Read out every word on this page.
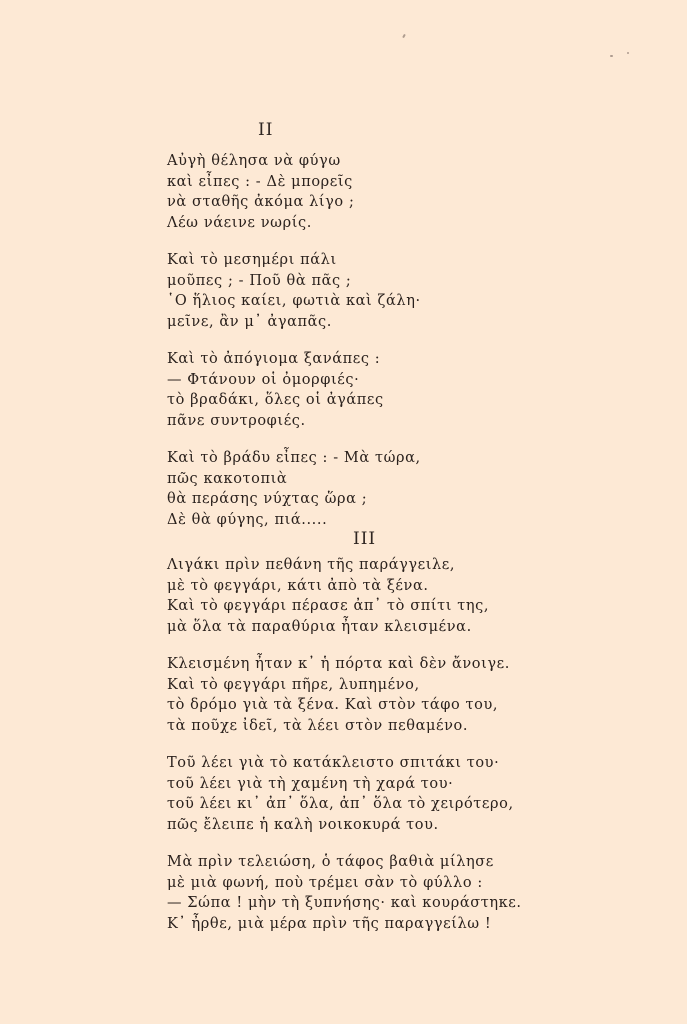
II
Αὐγὴ θέλησα νὰ φύγω
καὶ εἶπες : - Δὲ μπορεῖς
νὰ σταθῆς ἀκόμα λίγο ;
Λέω νάεινε νωρίς.
Καὶ τὸ μεσημέρι πάλι
μοῦπες ; - Ποῦ θὰ πᾶς ;
῾Ο ἥλιος καίει, φωτιὰ καὶ ζάλη·
μεῖνε, ἂν μ᾿ ἀγαπᾶς.
Καὶ τὸ ἀπόγιομα ξανάπες :
— Φτάνουν οἱ ὀμορφιές·
τὸ βραδάκι, ὅλες οἱ ἀγάπες
πᾶνε συντροφιές.
Καὶ τὸ βράδυ εἶπες : - Μὰ τώρα,
πῶς κακοτοπιὰ
θὰ περάσης νύχτας ὥρα ;
Δὲ θὰ φύγης, πιά.....
III
Λιγάκι πρὶν πεθάνη τῆς παράγγειλε,
μὲ τὸ φεγγάρι, κάτι ἀπὸ τὰ ξένα.
Καὶ τὸ φεγγάρι πέρασε ἀπ᾿ τὸ σπίτι της,
μὰ ὅλα τὰ παραθύρια ἦταν κλεισμένα.
Κλεισμένη ἦταν κ᾿ ἡ πόρτα καὶ δὲν ἄνοιγε.
Καὶ τὸ φεγγάρι πῆρε, λυπημένο,
τὸ δρόμο γιὰ τὰ ξένα. Καὶ στὸν τάφο του,
τὰ ποῦχε ἰδεῖ, τὰ λέει στὸν πεθαμένο.
Τοῦ λέει γιὰ τὸ κατάκλειστο σπιτάκι του·
τοῦ λέει γιὰ τὴ χαμένη τὴ χαρά του·
τοῦ λέει κι᾿ ἀπ᾿ ὅλα, ἀπ᾿ ὅλα τὸ χειρότερο,
πῶς ἔλειπε ἡ καλὴ νοικοκυρά του.
Μὰ πρὶν τελειώση, ὁ τάφος βαθιὰ μίλησε
μὲ μιὰ φωνή, ποὺ τρέμει σὰν τὸ φύλλο :
— Σώπα ! μὴν τὴ ξυπνήσης· καὶ κουράστηκε.
Κ᾿ ἦρθε, μιὰ μέρα πρὶν τῆς παραγγείλω !
